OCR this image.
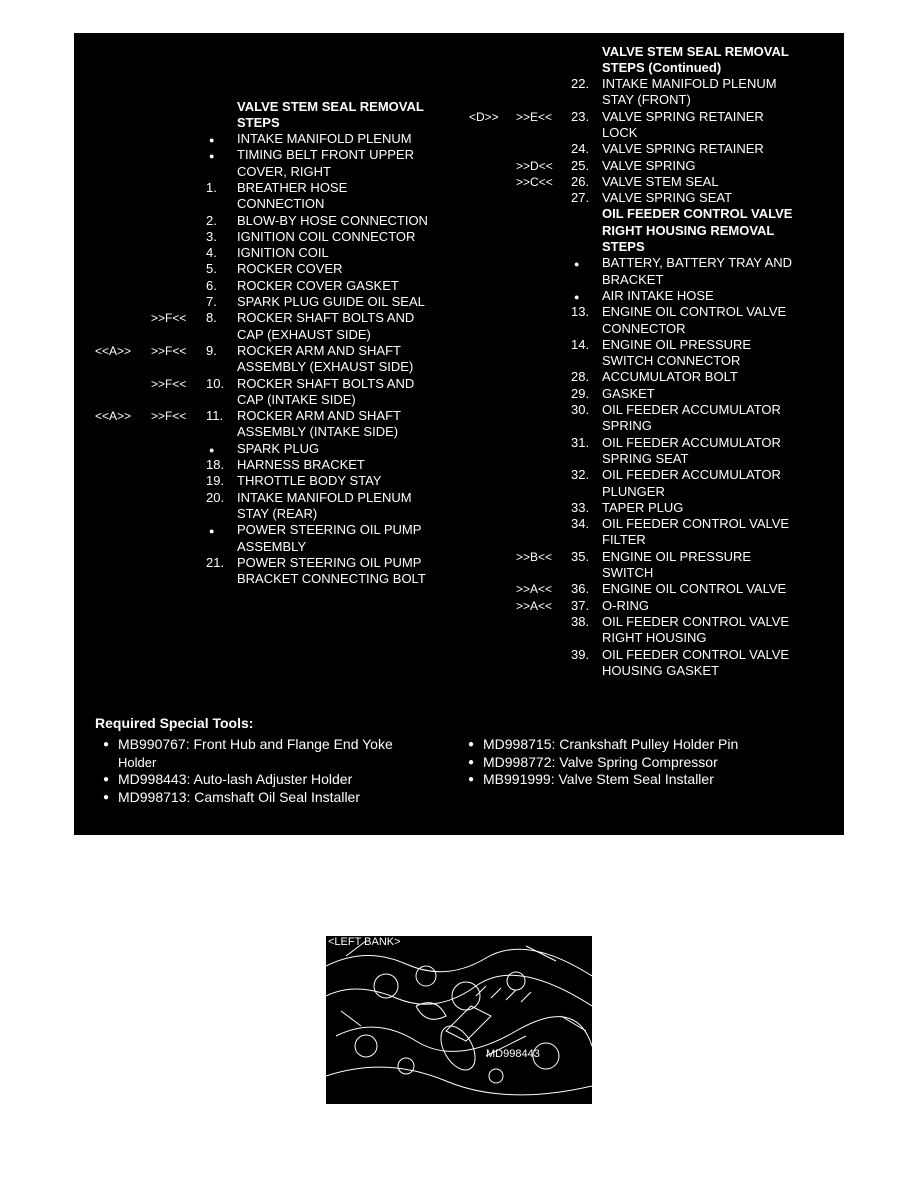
VALVE STEM SEAL REMOVAL
STEPS
● INTAKE MANIFOLD PLENUM
● TIMING BELT FRONT UPPER
COVER, RIGHT
1. BREATHER HOSE
CONNECTION
2. BLOW-BY HOSE CONNECTION
3. IGNITION COIL CONNECTOR
4. IGNITION COIL
5. ROCKER COVER
6. ROCKER COVER GASKET
7. SPARK PLUG GUIDE OIL SEAL
>>F<< 8. ROCKER SHAFT BOLTS AND
CAP (EXHAUST SIDE)
<<A>> >>F<< 9. ROCKER ARM AND SHAFT
ASSEMBLY (EXHAUST SIDE)
>>F<< 10. ROCKER SHAFT BOLTS AND
CAP (INTAKE SIDE)
<<A>> >>F<< 11. ROCKER ARM AND SHAFT
ASSEMBLY (INTAKE SIDE)
● SPARK PLUG
18. HARNESS BRACKET
19. THROTTLE BODY STAY
20. INTAKE MANIFOLD PLENUM
STAY (REAR)
● POWER STEERING OIL PUMP
ASSEMBLY
21. POWER STEERING OIL PUMP
BRACKET CONNECTING BOLT
VALVE STEM SEAL REMOVAL
STEPS (Continued)
22. INTAKE MANIFOLD PLENUM
STAY (FRONT)
<D>> >>E<< 23. VALVE SPRING RETAINER
LOCK
24. VALVE SPRING RETAINER
>>D<< 25. VALVE SPRING
>>C<< 26. VALVE STEM SEAL
27. VALVE SPRING SEAT
OIL FEEDER CONTROL VALVE
RIGHT HOUSING REMOVAL
STEPS
● BATTERY, BATTERY TRAY AND
BRACKET
● AIR INTAKE HOSE
13. ENGINE OIL CONTROL VALVE
CONNECTOR
14. ENGINE OIL PRESSURE
SWITCH CONNECTOR
28. ACCUMULATOR BOLT
29. GASKET
30. OIL FEEDER ACCUMULATOR
SPRING
31. OIL FEEDER ACCUMULATOR
SPRING SEAT
32. OIL FEEDER ACCUMULATOR
PLUNGER
33. TAPER PLUG
34. OIL FEEDER CONTROL VALVE
FILTER
>>B<< 35. ENGINE OIL PRESSURE
SWITCH
>>A<< 36. ENGINE OIL CONTROL VALVE
>>A<< 37. O-RING
38. OIL FEEDER CONTROL VALVE
RIGHT HOUSING
39. OIL FEEDER CONTROL VALVE
HOUSING GASKET
Required Special Tools:
MB990767: Front Hub and Flange End Yoke
●
Holder
MD998443: Auto-lash Adjuster Holder
●
MD998713: Camshaft Oil Seal Installer
●
MD998715: Crankshaft Pulley Holder Pin
●
MD998772: Valve Spring Compressor
●
MB991999: Valve Stem Seal Installer
●
<LEFT BANK>
MD998443
